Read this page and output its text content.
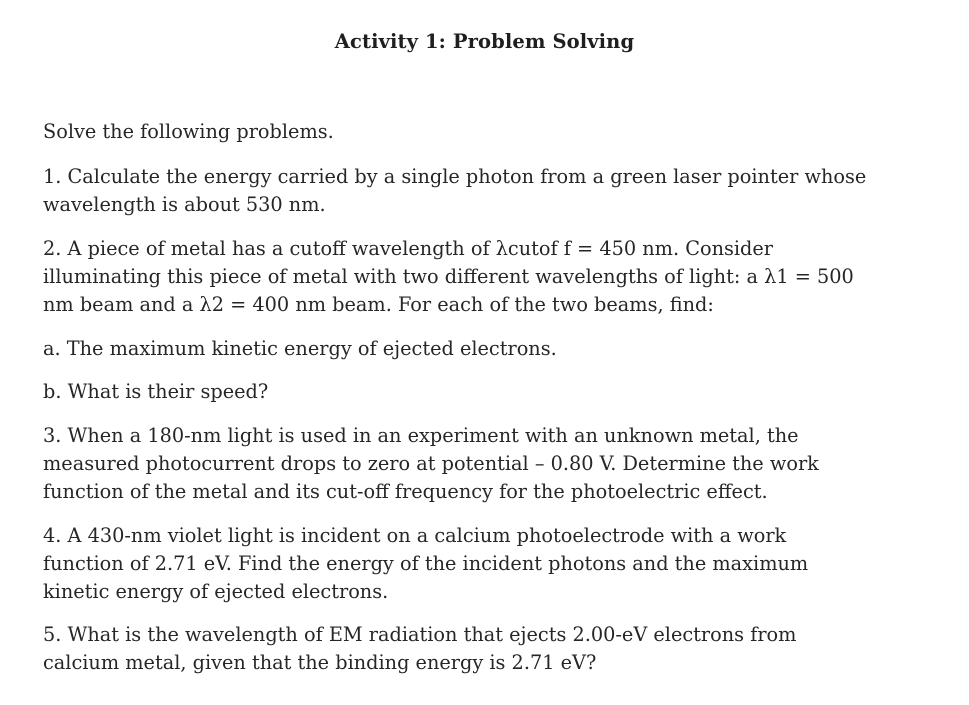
Activity 1: Problem Solving
Solve the following problems.
1. Calculate the energy carried by a single photon from a green laser pointer whose
wavelength is about 530 nm.
2. A piece of metal has a cutoff wavelength of λcutof f = 450 nm. Consider
illuminating this piece of metal with two different wavelengths of light: a λ1 = 500
nm beam and a λ2 = 400 nm beam. For each of the two beams, find:
a. The maximum kinetic energy of ejected electrons.
b. What is their speed?
3. When a 180-nm light is used in an experiment with an unknown metal, the
measured photocurrent drops to zero at potential – 0.80 V. Determine the work
function of the metal and its cut-off frequency for the photoelectric effect.
4. A 430-nm violet light is incident on a calcium photoelectrode with a work
function of 2.71 eV. Find the energy of the incident photons and the maximum
kinetic energy of ejected electrons.
5. What is the wavelength of EM radiation that ejects 2.00-eV electrons from
calcium metal, given that the binding energy is 2.71 eV?
